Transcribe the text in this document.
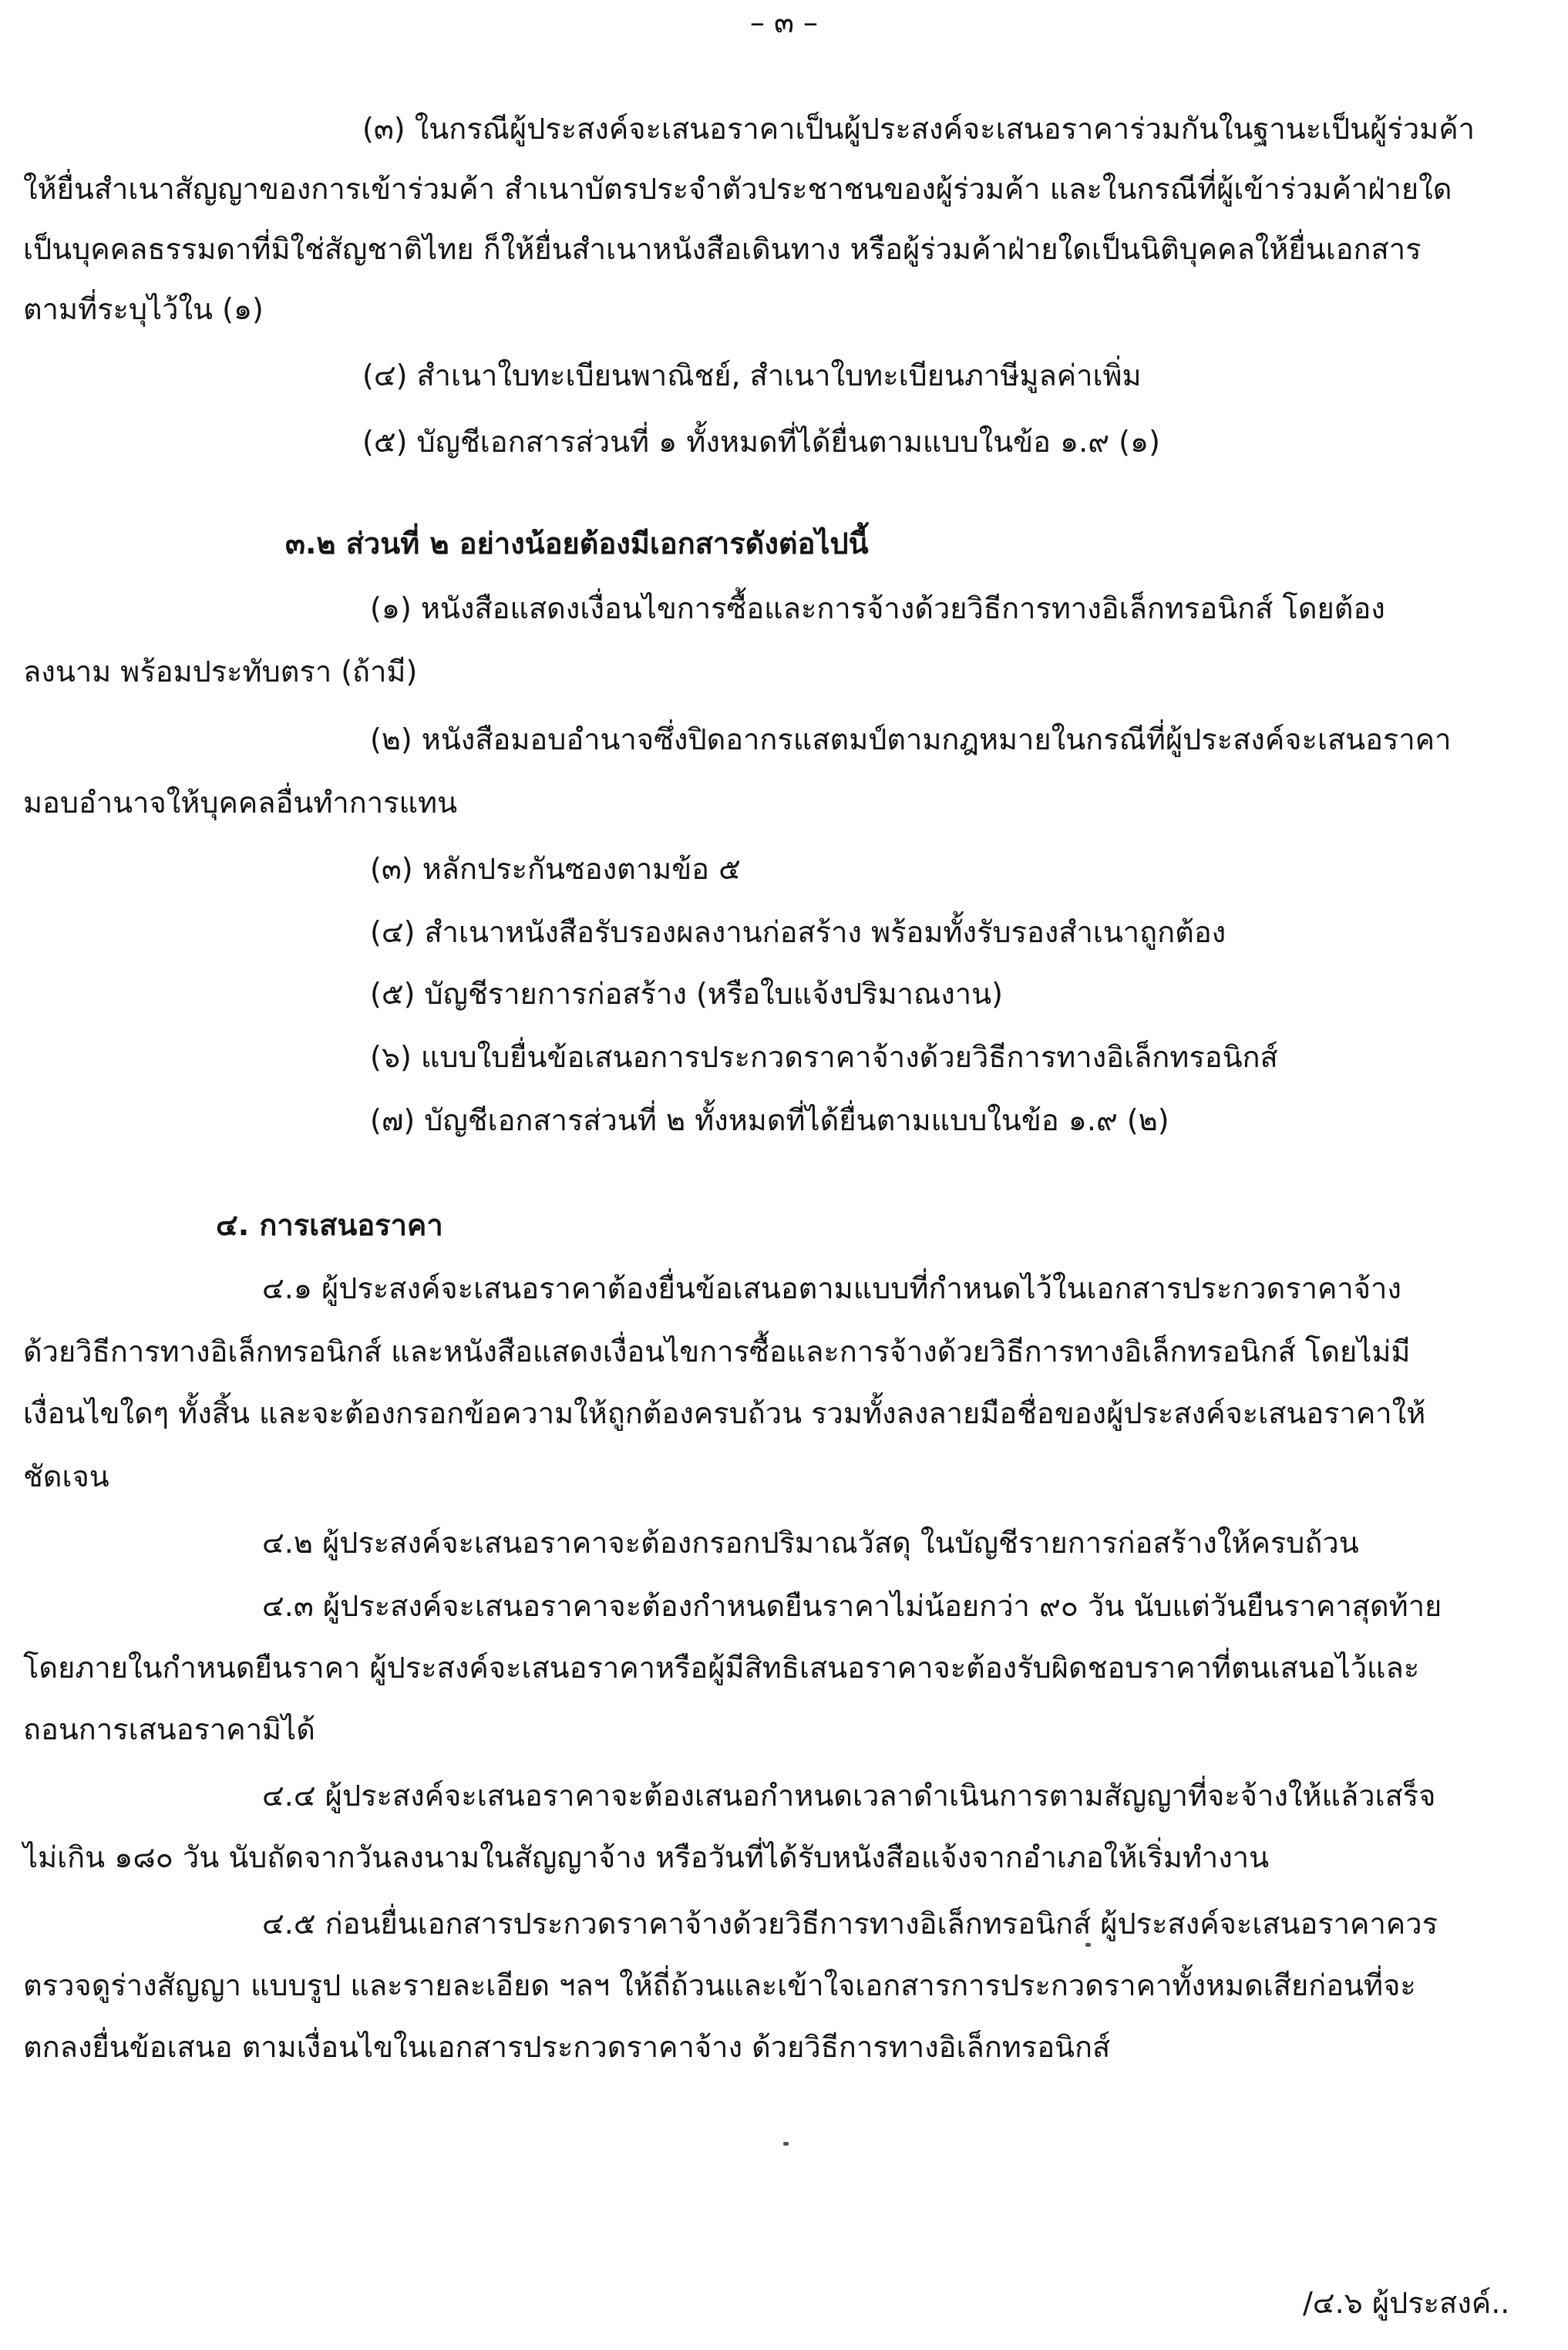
– ๓ –
(๓) ในกรณีผู้ประสงค์จะเสนอราคาเป็นผู้ประสงค์จะเสนอราคาร่วมกันในฐานะเป็นผู้ร่วมค้า
ให้ยื่นสำเนาสัญญาของการเข้าร่วมค้า สำเนาบัตรประจำตัวประชาชนของผู้ร่วมค้า และในกรณีที่ผู้เข้าร่วมค้าฝ่ายใด
เป็นบุคคลธรรมดาที่มิใช่สัญชาติไทย ก็ให้ยื่นสำเนาหนังสือเดินทาง หรือผู้ร่วมค้าฝ่ายใดเป็นนิติบุคคลให้ยื่นเอกสาร
ตามที่ระบุไว้ใน (๑)
(๔) สำเนาใบทะเบียนพาณิชย์, สำเนาใบทะเบียนภาษีมูลค่าเพิ่ม
(๕) บัญชีเอกสารส่วนที่ ๑ ทั้งหมดที่ได้ยื่นตามแบบในข้อ ๑.๙ (๑)
๓.๒ ส่วนที่ ๒ อย่างน้อยต้องมีเอกสารดังต่อไปนี้
(๑) หนังสือแสดงเงื่อนไขการซื้อและการจ้างด้วยวิธีการทางอิเล็กทรอนิกส์ โดยต้อง
ลงนาม พร้อมประทับตรา (ถ้ามี)
(๒) หนังสือมอบอำนาจซึ่งปิดอากรแสตมป์ตามกฎหมายในกรณีที่ผู้ประสงค์จะเสนอราคา
มอบอำนาจให้บุคคลอื่นทำการแทน
(๓) หลักประกันซองตามข้อ ๕
(๔) สำเนาหนังสือรับรองผลงานก่อสร้าง พร้อมทั้งรับรองสำเนาถูกต้อง
(๕) บัญชีรายการก่อสร้าง (หรือใบแจ้งปริมาณงาน)
(๖) แบบใบยื่นข้อเสนอการประกวดราคาจ้างด้วยวิธีการทางอิเล็กทรอนิกส์
(๗) บัญชีเอกสารส่วนที่ ๒ ทั้งหมดที่ได้ยื่นตามแบบในข้อ ๑.๙ (๒)
๔. การเสนอราคา
๔.๑ ผู้ประสงค์จะเสนอราคาต้องยื่นข้อเสนอตามแบบที่กำหนดไว้ในเอกสารประกวดราคาจ้าง
ด้วยวิธีการทางอิเล็กทรอนิกส์ และหนังสือแสดงเงื่อนไขการซื้อและการจ้างด้วยวิธีการทางอิเล็กทรอนิกส์ โดยไม่มี
เงื่อนไขใดๆ ทั้งสิ้น และจะต้องกรอกข้อความให้ถูกต้องครบถ้วน รวมทั้งลงลายมือชื่อของผู้ประสงค์จะเสนอราคาให้
ชัดเจน
๔.๒ ผู้ประสงค์จะเสนอราคาจะต้องกรอกปริมาณวัสดุ ในบัญชีรายการก่อสร้างให้ครบถ้วน
๔.๓ ผู้ประสงค์จะเสนอราคาจะต้องกำหนดยืนราคาไม่น้อยกว่า ๙๐ วัน นับแต่วันยืนราคาสุดท้าย
โดยภายในกำหนดยืนราคา ผู้ประสงค์จะเสนอราคาหรือผู้มีสิทธิเสนอราคาจะต้องรับผิดชอบราคาที่ตนเสนอไว้และ
ถอนการเสนอราคามิได้
๔.๔ ผู้ประสงค์จะเสนอราคาจะต้องเสนอกำหนดเวลาดำเนินการตามสัญญาที่จะจ้างให้แล้วเสร็จ
ไม่เกิน ๑๘๐ วัน นับถัดจากวันลงนามในสัญญาจ้าง หรือวันที่ได้รับหนังสือแจ้งจากอำเภอให้เริ่มทำงาน
๔.๕ ก่อนยื่นเอกสารประกวดราคาจ้างด้วยวิธีการทางอิเล็กทรอนิกส์ ผู้ประสงค์จะเสนอราคาควร
ตรวจดูร่างสัญญา แบบรูป และรายละเอียด ฯลฯ ให้ถี่ถ้วนและเข้าใจเอกสารการประกวดราคาทั้งหมดเสียก่อนที่จะ
ตกลงยื่นข้อเสนอ ตามเงื่อนไขในเอกสารประกวดราคาจ้าง ด้วยวิธีการทางอิเล็กทรอนิกส์
/๔.๖ ผู้ประสงค์..
